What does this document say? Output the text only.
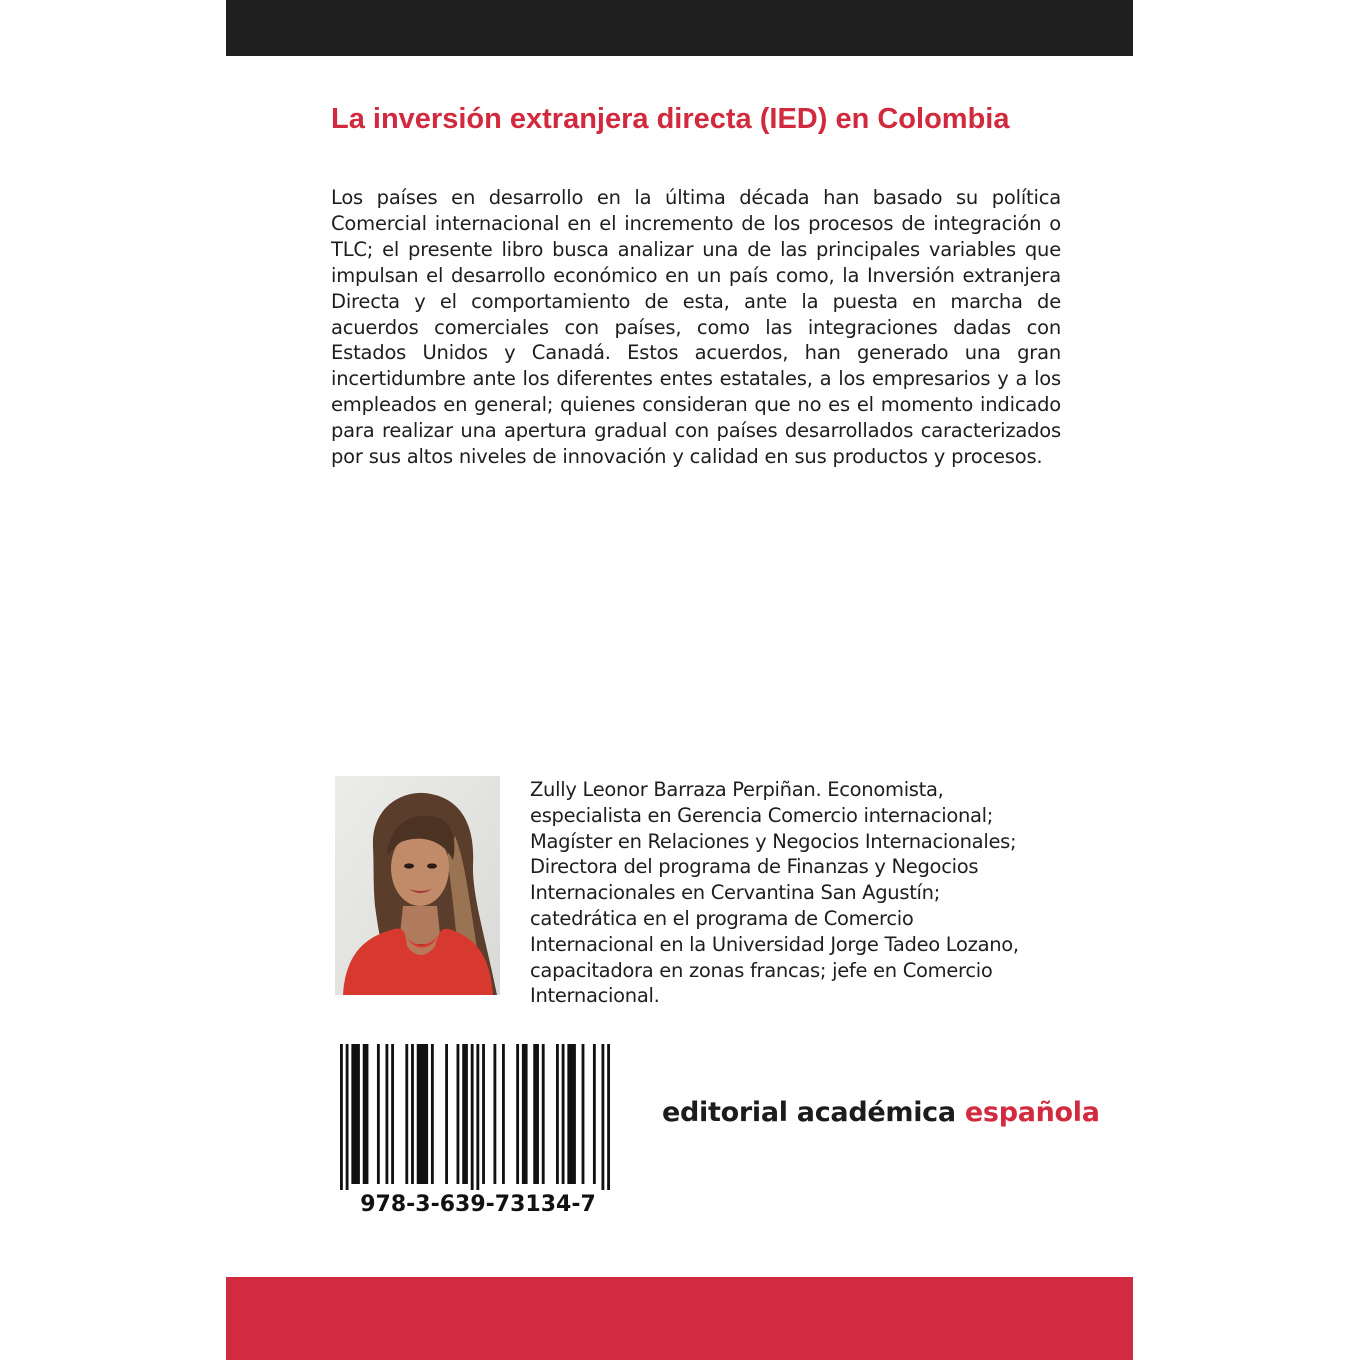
La inversión extranjera directa (IED) en Colombia

Los países en desarrollo en la última década han basado su política Comercial internacional en el incremento de los procesos de integración o TLC; el presente libro busca analizar una de las principales variables que impulsan el desarrollo económico en un país como, la Inversión extranjera Directa y el comportamiento de esta, ante la puesta en marcha de acuerdos comerciales con países, como las integraciones dadas con Estados Unidos y Canadá. Estos acuerdos, han generado una gran incertidumbre ante los diferentes entes estatales, a los empresarios y a los empleados en general; quienes consideran que no es el momento indicado para realizar una apertura gradual con países desarrollados caracterizados por sus altos niveles de innovación y calidad en sus productos y procesos.

Zully Leonor Barraza Perpiñan. Economista,
especialista en Gerencia Comercio internacional;
Magíster en Relaciones y Negocios Internacionales;
Directora del programa de Finanzas y Negocios
Internacionales en Cervantina San Agustín;
catedrática en el programa de Comercio
Internacional en la Universidad Jorge Tadeo Lozano,
capacitadora en zonas francas; jefe en Comercio
Internacional.

978-3-639-73134-7
editorial académica española
